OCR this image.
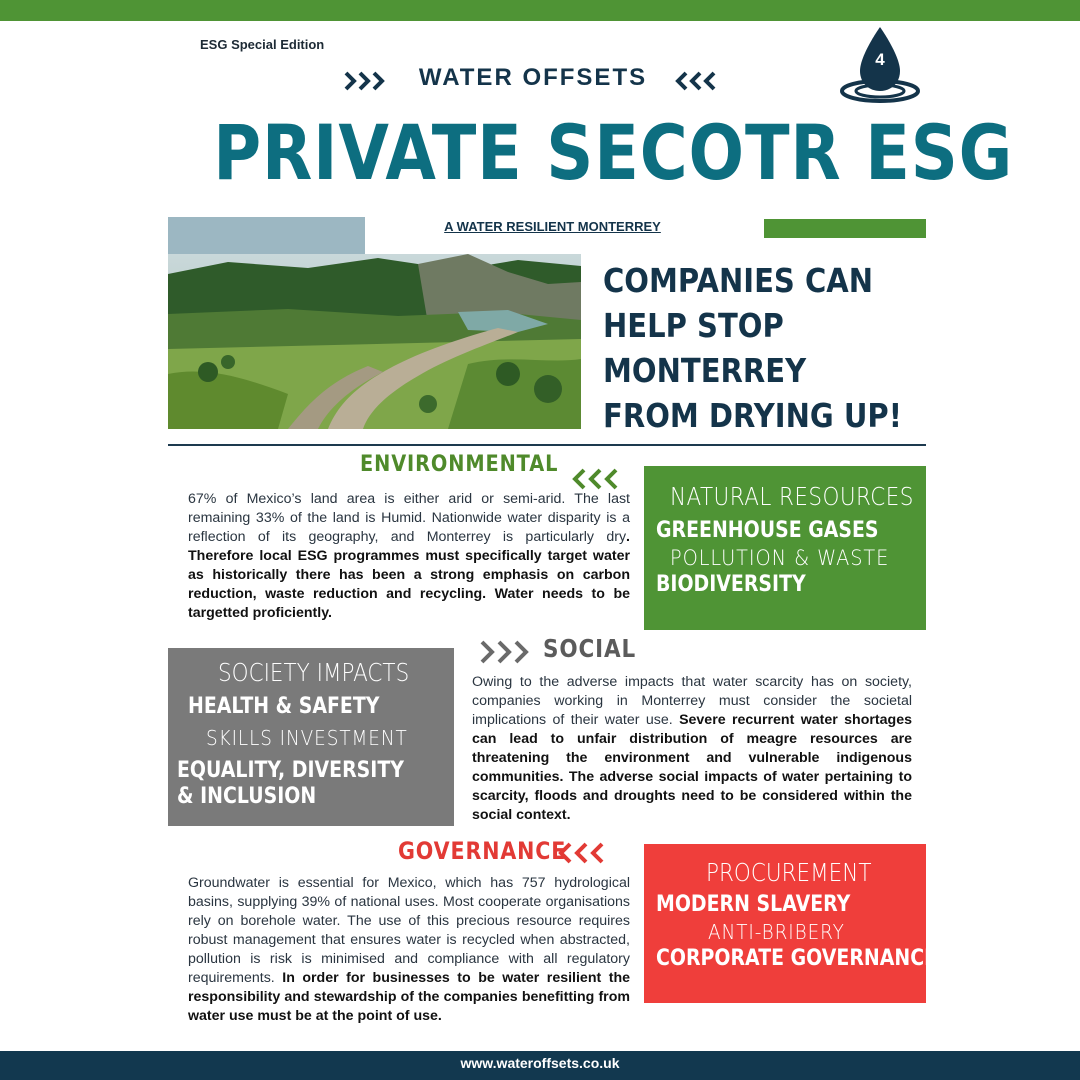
ESG Special Edition
4
WATER OFFSETS
PRIVATE SECOTR ESG
A WATER RESILIENT MONTERREY
COMPANIES CAN
HELP STOP
MONTERREY
FROM DRYING UP!
ENVIRONMENTAL
67% of Mexico’s land area is either arid or semi-arid. The last remaining 33% of the land is Humid. Nationwide water disparity is a reflection of its geography, and Monterrey is particularly dry. Therefore local ESG programmes must specifically target water as historically there has been a strong emphasis on carbon reduction, waste reduction and recycling. Water needs to be targetted proficiently.
NATURAL RESOURCES
GREENHOUSE GASES
POLLUTION & WASTE
BIODIVERSITY
SOCIAL
SOCIETY IMPACTS
HEALTH & SAFETY
SKILLS INVESTMENT
EQUALITY, DIVERSITY & INCLUSION
Owing to the adverse impacts that water scarcity has on society, companies working in Monterrey must consider the societal implications of their water use. Severe recurrent water shortages can lead to unfair distribution of meagre resources are threatening the environment and vulnerable indigenous communities. The adverse social impacts of water pertaining to scarcity, floods and droughts need to be considered within the social context.
GOVERNANCE
Groundwater is essential for Mexico, which has 757 hydrological basins, supplying 39% of national uses. Most cooperate organisations rely on borehole water. The use of this precious resource requires robust management that ensures water is recycled when abstracted, pollution is risk is minimised and compliance with all regulatory requirements. In order for businesses to be water resilient the responsibility and stewardship of the companies benefitting from water use must be at the point of use.
PROCUREMENT
MODERN SLAVERY
ANTI-BRIBERY
CORPORATE GOVERNANCE
www.wateroffsets.co.uk
